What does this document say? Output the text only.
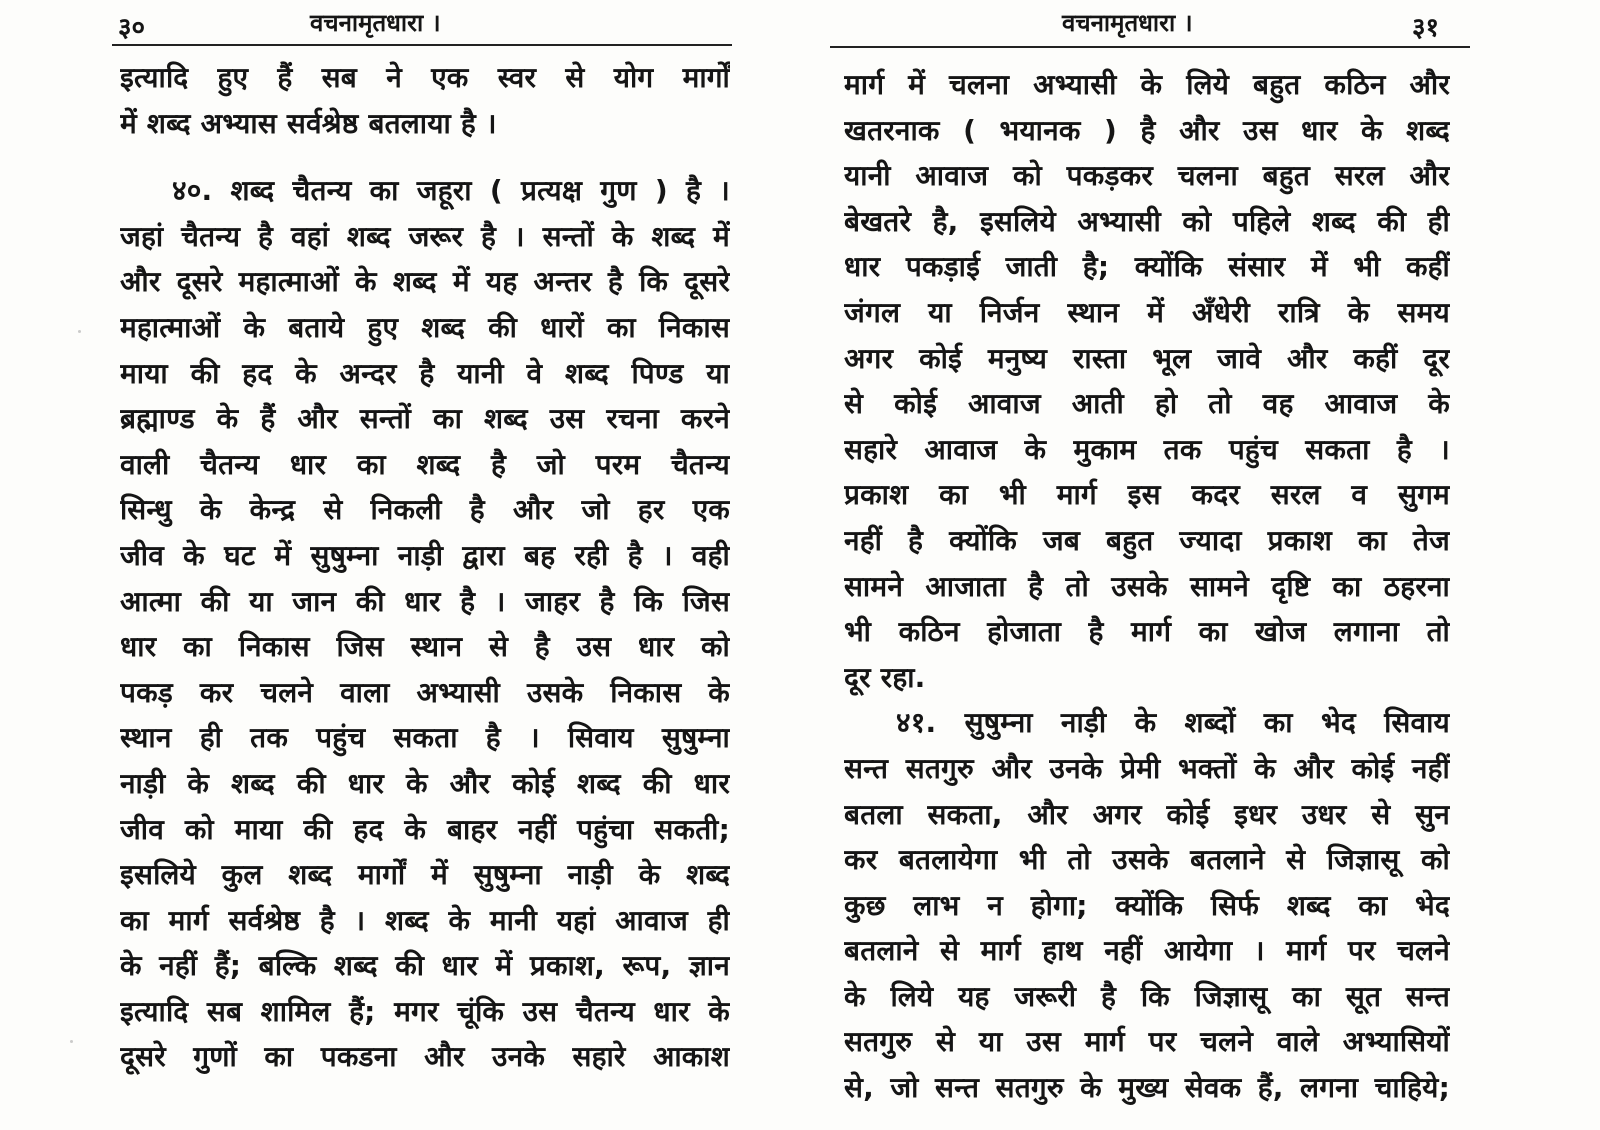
३०	वचनामृतधारा ।
इत्यादि हुए हैं सब ने एक स्वर से योग मार्गों
में शब्द अभ्यास सर्वश्रेष्ठ बतलाया है ।
४०. शब्द चैतन्य का जहूरा ( प्रत्यक्ष गुण ) है ।
जहां चैतन्य है वहां शब्द जरूर है । सन्तों के शब्द में
और दूसरे महात्माओं के शब्द में यह अन्तर है कि दूसरे
महात्माओं के बताये हुए शब्द की धारों का निकास
माया की हद के अन्दर है यानी वे शब्द पिण्ड या
ब्रह्माण्ड के हैं और सन्तों का शब्द उस रचना करने
वाली चैतन्य धार का शब्द है जो परम चैतन्य
सिन्धु के केन्द्र से निकली है और जो हर एक
जीव के घट में सुषुम्ना नाड़ी द्वारा बह रही है । वही
आत्मा की या जान की धार है । जाहर है कि जिस
धार का निकास जिस स्थान से है उस धार को
पकड़ कर चलने वाला अभ्यासी उसके निकास के
स्थान ही तक पहुंच सकता है । सिवाय सुषुम्ना
नाड़ी के शब्द की धार के और कोई शब्द की धार
जीव को माया की हद के बाहर नहीं पहुंचा सकती;
इसलिये कुल शब्द मार्गों में सुषुम्ना नाड़ी के शब्द
का मार्ग सर्वश्रेष्ठ है । शब्द के मानी यहां आवाज ही
के नहीं हैं; बल्कि शब्द की धार में प्रकाश, रूप, ज्ञान
इत्यादि सब शामिल हैं; मगर चूंकि उस चैतन्य धार के
दूसरे गुणों का पकडना और उनके सहारे आकाश
वचनामृतधारा ।	३१
मार्ग में चलना अभ्यासी के लिये बहुत कठिन और
खतरनाक ( भयानक ) है और उस धार के शब्द
यानी आवाज को पकड़कर चलना बहुत सरल और
बेखतरे है, इसलिये अभ्यासी को पहिले शब्द की ही
धार पकड़ाई जाती है; क्योंकि संसार में भी कहीं
जंगल या निर्जन स्थान में अँधेरी रात्रि के समय
अगर कोई मनुष्य रास्ता भूल जावे और कहीं दूर
से कोई आवाज आती हो तो वह आवाज के
सहारे आवाज के मुकाम तक पहुंच सकता है ।
प्रकाश का भी मार्ग इस कदर सरल व सुगम
नहीं है क्योंकि जब बहुत ज्यादा प्रकाश का तेज
सामने आजाता है तो उसके सामने दृष्टि का ठहरना
भी कठिन होजाता है मार्ग का खोज लगाना तो
दूर रहा.
४१. सुषुम्ना नाड़ी के शब्दों का भेद सिवाय
सन्त सतगुरु और उनके प्रेमी भक्तों के और कोई नहीं
बतला सकता, और अगर कोई इधर उधर से सुन
कर बतलायेगा भी तो उसके बतलाने से जिज्ञासू को
कुछ लाभ न होगा; क्योंकि सिर्फ शब्द का भेद
बतलाने से मार्ग हाथ नहीं आयेगा । मार्ग पर चलने
के लिये यह जरूरी है कि जिज्ञासू का सूत सन्त
सतगुरु से या उस मार्ग पर चलने वाले अभ्यासियों
से, जो सन्त सतगुरु के मुख्य सेवक हैं, लगना चाहिये;
